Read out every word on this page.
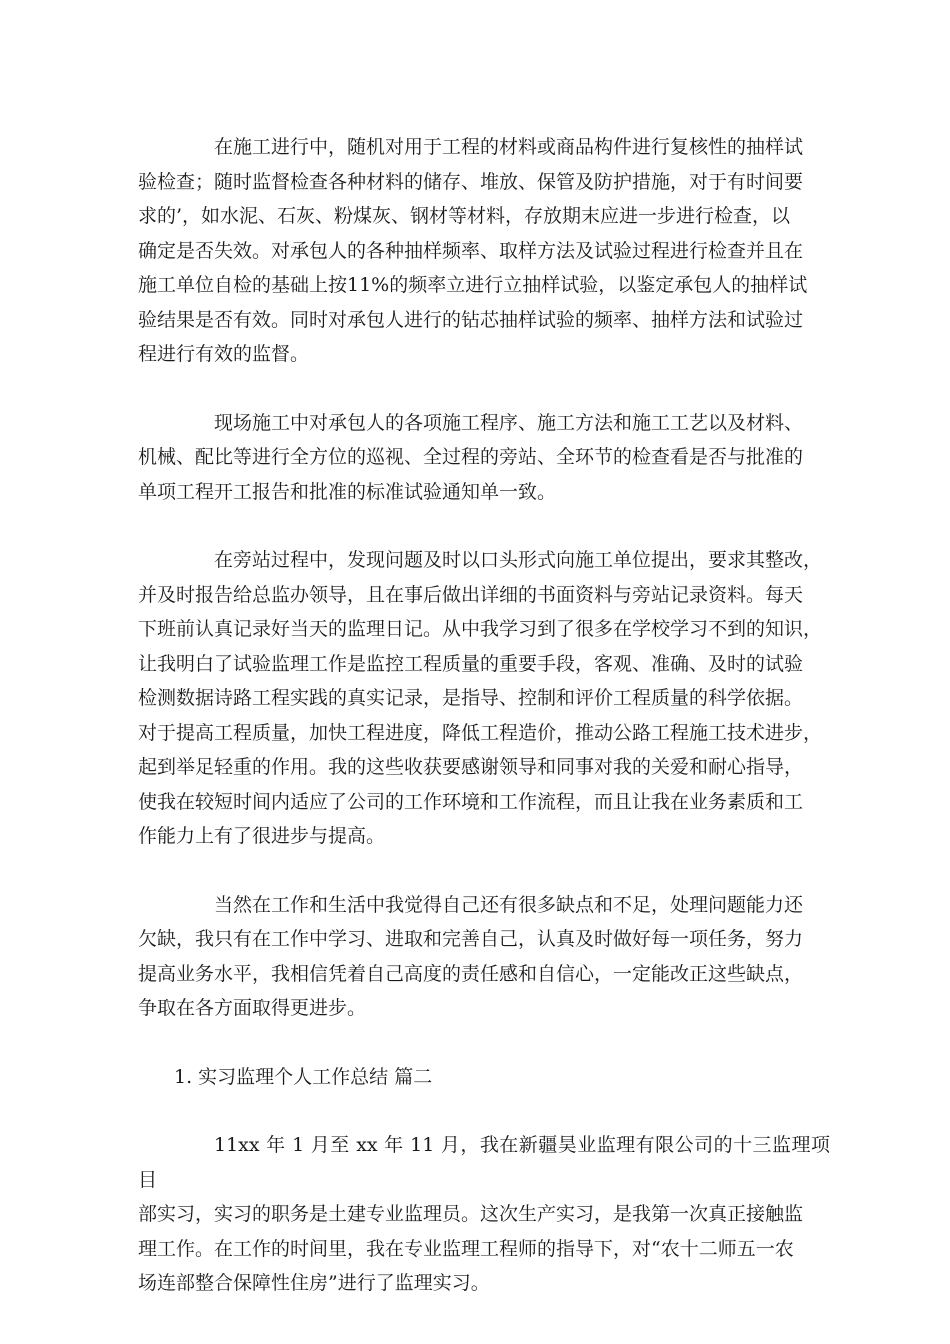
在施工进行中，随机对用于工程的材料或商品构件进行复核性的抽样试
验检查；随时监督检查各种材料的储存、堆放、保管及防护措施，对于有时间要
求的’，如水泥、石灰、粉煤灰、钢材等材料，存放期末应进一步进行检查，以
确定是否失效。对承包人的各种抽样频率、取样方法及试验过程进行检查并且在
施工单位自检的基础上按11%的频率立进行立抽样试验，以鉴定承包人的抽样试
验结果是否有效。同时对承包人进行的钻芯抽样试验的频率、抽样方法和试验过
程进行有效的监督。

现场施工中对承包人的各项施工程序、施工方法和施工工艺以及材料、
机械、配比等进行全方位的巡视、全过程的旁站、全环节的检查看是否与批准的
单项工程开工报告和批准的标准试验通知单一致。

在旁站过程中，发现问题及时以口头形式向施工单位提出，要求其整改，
并及时报告给总监办领导，且在事后做出详细的书面资料与旁站记录资料。每天
下班前认真记录好当天的监理日记。从中我学习到了很多在学校学习不到的知识，
让我明白了试验监理工作是监控工程质量的重要手段，客观、准确、及时的试验
检测数据诗路工程实践的真实记录，是指导、控制和评价工程质量的科学依据。
对于提高工程质量，加快工程进度，降低工程造价，推动公路工程施工技术进步，
起到举足轻重的作用。我的这些收获要感谢领导和同事对我的关爱和耐心指导，
使我在较短时间内适应了公司的工作环境和工作流程，而且让我在业务素质和工
作能力上有了很进步与提高。

当然在工作和生活中我觉得自己还有很多缺点和不足，处理问题能力还
欠缺，我只有在工作中学习、进取和完善自己，认真及时做好每一项任务，努力
提高业务水平，我相信凭着自己高度的责任感和自信心，一定能改正这些缺点，
争取在各方面取得更进步。

1. 实习监理个人工作总结 篇二

11xx 年 1 月至 xx 年 11 月，我在新疆昊业监理有限公司的十三监理项目
部实习，实习的职务是土建专业监理员。这次生产实习，是我第一次真正接触监
理工作。在工作的时间里，我在专业监理工程师的指导下，对“农十二师五一农
场连部整合保障性住房”进行了监理实习。
